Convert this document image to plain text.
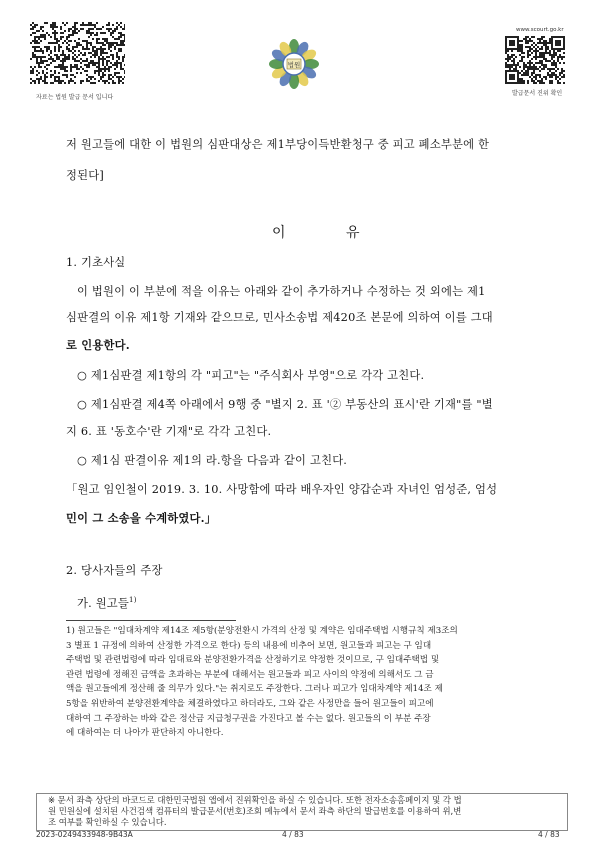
자료는 법원 발급 문서 입니다
법원
www.scourt.go.kr
발급문서 진위 확인
저 원고들에 대한 이 법원의 심판대상은 제1부당이득반환청구 중 피고 폐소부분에 한
정된다]
이 유
1. 기초사실
이 법원이 이 부분에 적을 이유는 아래와 같이 추가하거나 수정하는 것 외에는 제1
심판결의 이유 제1항 기재와 같으므로, 민사소송법 제420조 본문에 의하여 이를 그대
로 인용한다.
○ 제1심판결 제1항의 각 "피고"는 "주식회사 부영"으로 각각 고친다.
○ 제1심판결 제4쪽 아래에서 9행 중 "별지 2. 표 '② 부동산의 표시'란 기재"를 "별
지 6. 표 '동호수'란 기재"로 각각 고친다.
○ 제1심 판결이유 제1의 라.항을 다음과 같이 고친다.
「원고 임인철이 2019. 3. 10. 사망함에 따라 배우자인 양갑순과 자녀인 엄성준, 엄성
민이 그 소송을 수계하였다.」
2. 당사자들의 주장
가. 원고들$^{1)}$
1) 원고들은 "임대차계약 제14조 제5항(분양전환시 가격의 산정 및 계약은 임대주택법 시행규칙 제3조의
3 별표 1 규정에 의하여 산정한 가격으로 한다) 등의 내용에 비추어 보면, 원고들과 피고는 구 임대
주택법 및 관련법령에 따라 임대료와 분양전환가격을 산정하기로 약정한 것이므로, 구 임대주택법 및
관련 법령에 정해진 금액을 초과하는 부분에 대해서는 원고들과 피고 사이의 약정에 의해서도 그 금
액을 원고들에게 정산해 줄 의무가 있다."는 취지로도 주장한다. 그러나 피고가 임대차계약 제14조 제
5항을 위반하여 분양전환계약을 체결하였다고 하더라도, 그와 같은 사정만을 들어 원고들이 피고에
대하여 그 주장하는 바와 같은 정산금 지급청구권을 가진다고 볼 수는 없다. 원고들의 이 부분 주장
에 대하여는 더 나아가 판단하지 아니한다.
※ 문서 좌측 상단의 바코드로 대한민국법원 앱에서 진위확인을 하실 수 있습니다. 또한 전자소송홈페이지 및 각 법
원 민원실에 설치된 사건검색 컴퓨터의 발급문서(번호)조회 메뉴에서 문서 좌측 하단의 발급번호를 이용하여 위,변
조 여부를 확인하실 수 있습니다.
2023-0249433948-9B43A	4 / 83	4 / 83
